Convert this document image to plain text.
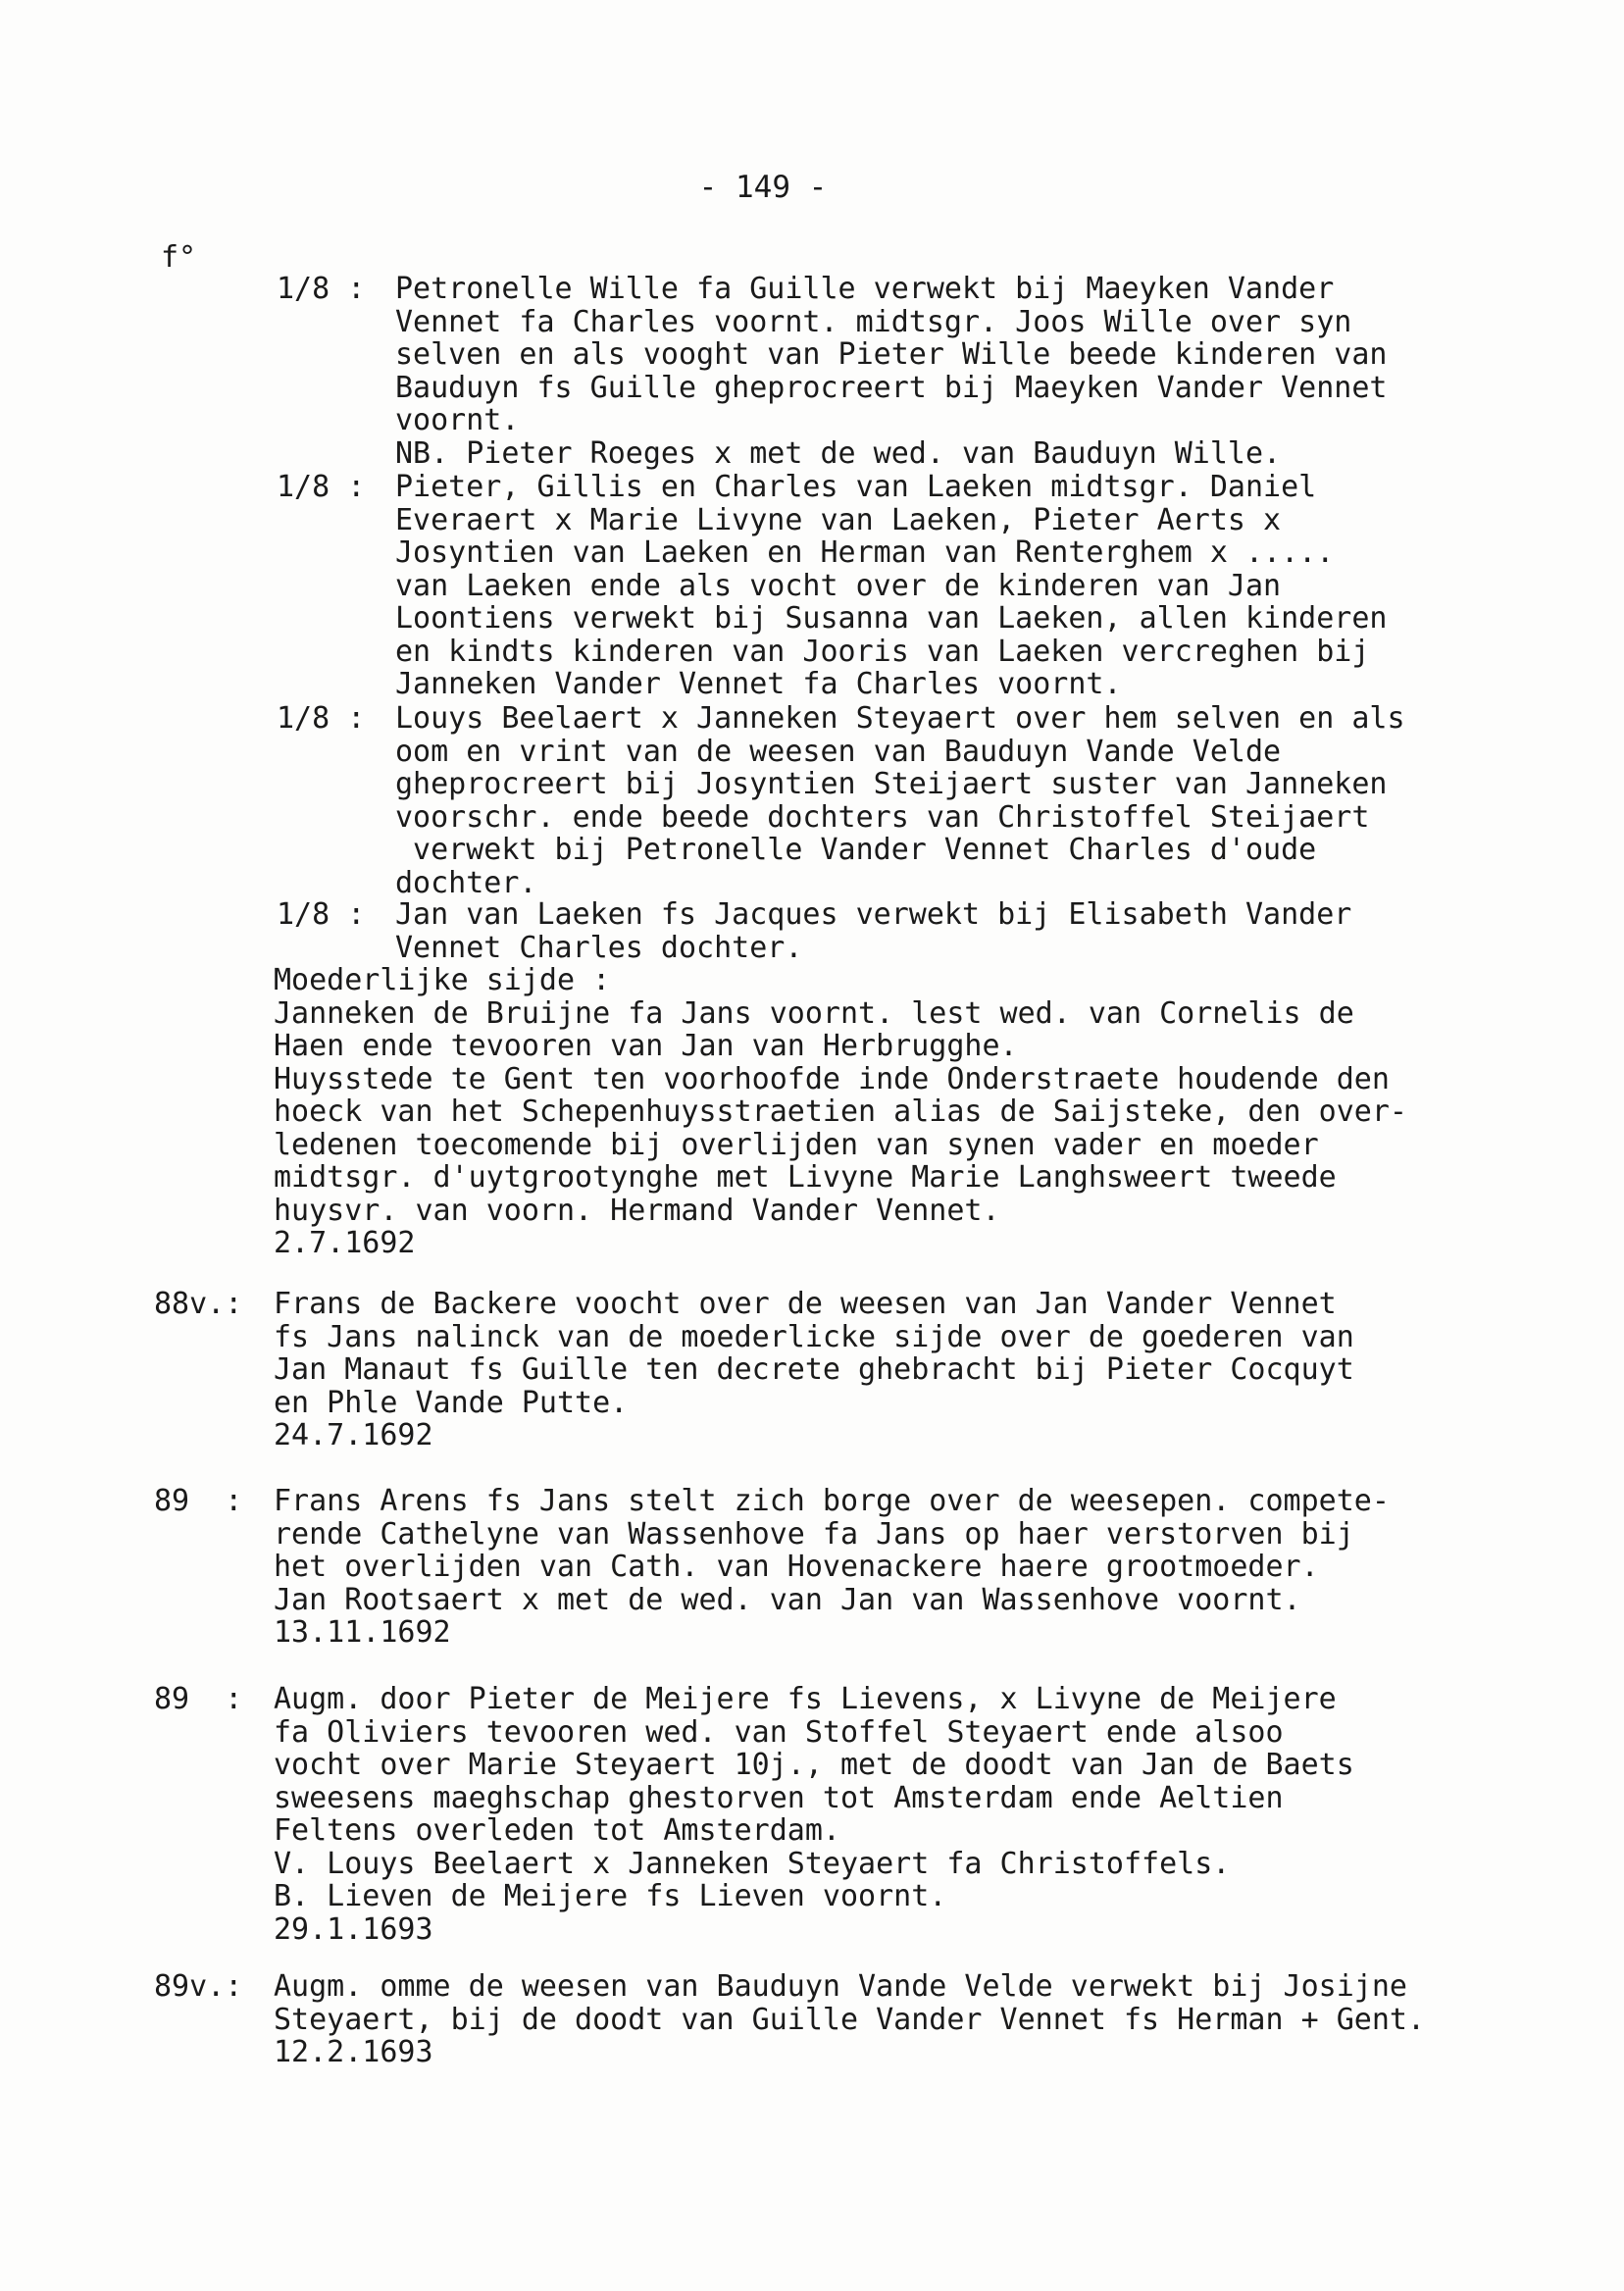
- 149 -
f°
1/8 : Petronelle Wille fa Guille verwekt bij Maeyken Vander
Vennet fa Charles voornt. midtsgr. Joos Wille over syn
selven en als vooght van Pieter Wille beede kinderen van
Bauduyn fs Guille gheprocreert bij Maeyken Vander Vennet
voornt.
NB. Pieter Roeges x met de wed. van Bauduyn Wille.
1/8 : Pieter, Gillis en Charles van Laeken midtsgr. Daniel
Everaert x Marie Livyne van Laeken, Pieter Aerts x
Josyntien van Laeken en Herman van Renterghem x .....
van Laeken ende als vocht over de kinderen van Jan
Loontiens verwekt bij Susanna van Laeken, allen kinderen
en kindts kinderen van Jooris van Laeken vercreghen bij
Janneken Vander Vennet fa Charles voornt.
1/8 : Louys Beelaert x Janneken Steyaert over hem selven en als
oom en vrint van de weesen van Bauduyn Vande Velde
gheprocreert bij Josyntien Steijaert suster van Janneken
voorschr. ende beede dochters van Christoffel Steijaert
verwekt bij Petronelle Vander Vennet Charles d'oude
dochter.
1/8 : Jan van Laeken fs Jacques verwekt bij Elisabeth Vander
Vennet Charles dochter.
Moederlijke sijde :
Janneken de Bruijne fa Jans voornt. lest wed. van Cornelis de
Haen ende tevooren van Jan van Herbrugghe.
Huysstede te Gent ten voorhoofde inde Onderstraete houdende den
hoeck van het Schepenhuysstraetien alias de Saijsteke, den over-
ledenen toecomende bij overlijden van synen vader en moeder
midtsgr. d'uytgrootynghe met Livyne Marie Langhsweert tweede
huysvr. van voorn. Hermand Vander Vennet.
2.7.1692
88v.: Frans de Backere voocht over de weesen van Jan Vander Vennet
fs Jans nalinck van de moederlicke sijde over de goederen van
Jan Manaut fs Guille ten decrete ghebracht bij Pieter Cocquyt
en Phle Vande Putte.
24.7.1692
89  : Frans Arens fs Jans stelt zich borge over de weesepen. compete-
rende Cathelyne van Wassenhove fa Jans op haer verstorven bij
het overlijden van Cath. van Hovenackere haere grootmoeder.
Jan Rootsaert x met de wed. van Jan van Wassenhove voornt.
13.11.1692
89  : Augm. door Pieter de Meijere fs Lievens, x Livyne de Meijere
fa Oliviers tevooren wed. van Stoffel Steyaert ende alsoo
vocht over Marie Steyaert 10j., met de doodt van Jan de Baets
sweesens maeghschap ghestorven tot Amsterdam ende Aeltien
Feltens overleden tot Amsterdam.
V. Louys Beelaert x Janneken Steyaert fa Christoffels.
B. Lieven de Meijere fs Lieven voornt.
29.1.1693
89v.: Augm. omme de weesen van Bauduyn Vande Velde verwekt bij Josijne
Steyaert, bij de doodt van Guille Vander Vennet fs Herman + Gent.
12.2.1693
